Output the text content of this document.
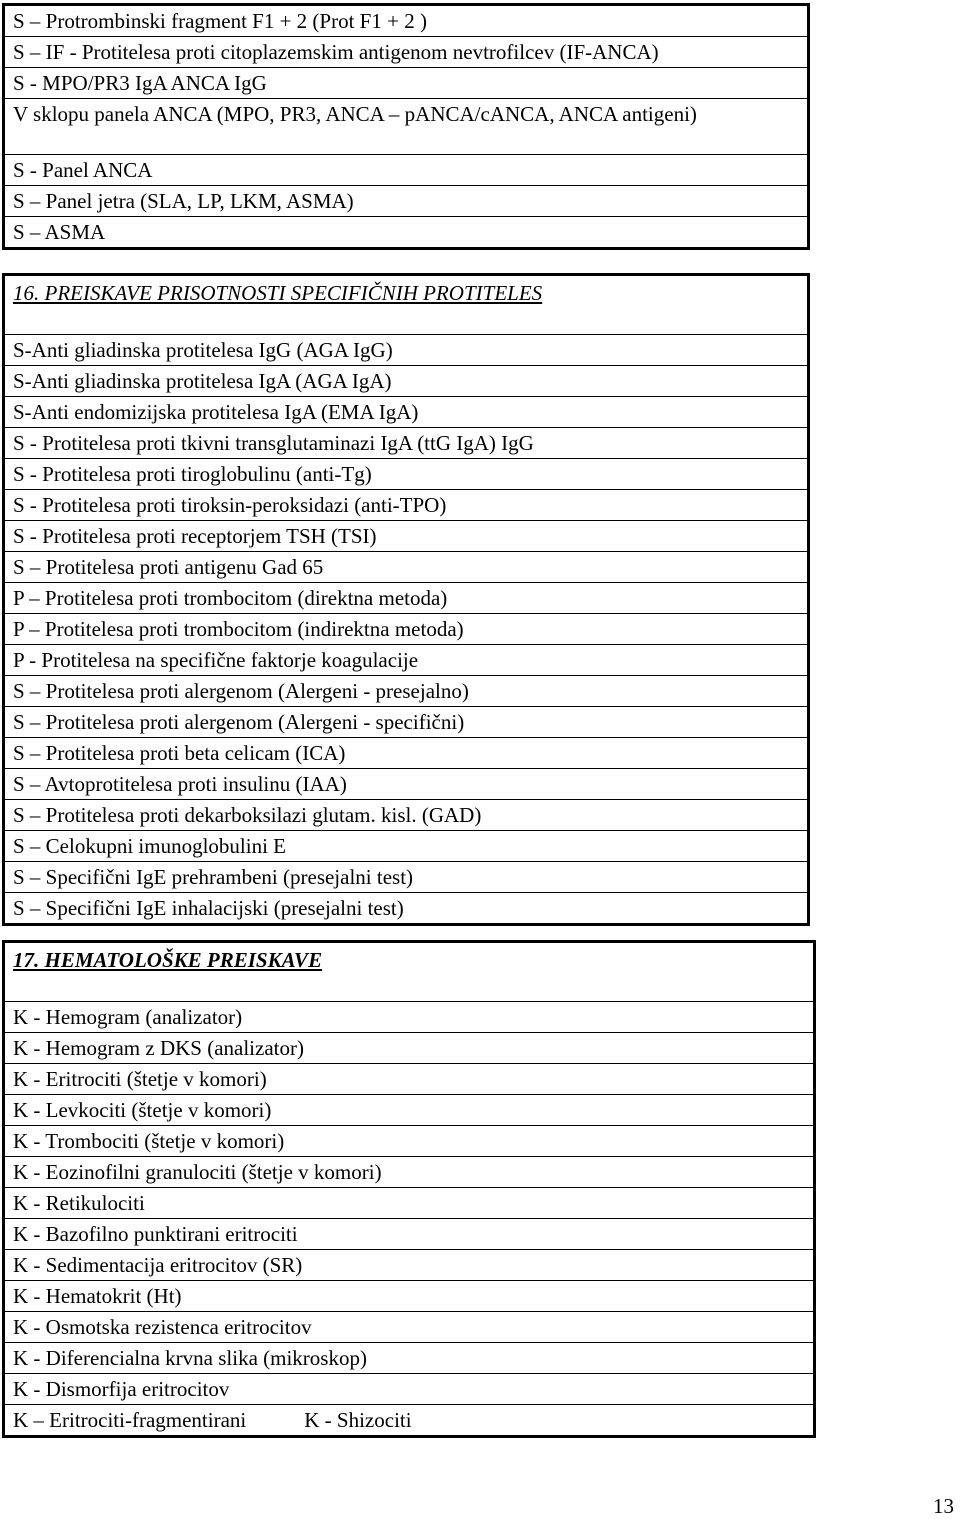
S – Protrombinski fragment F1 + 2 (Prot F1 + 2 )
S – IF - Protitelesa proti citoplazemskim antigenom nevtrofilcev (IF-ANCA)
S - MPO/PR3 IgA ANCA IgG
V sklopu panela ANCA (MPO, PR3, ANCA – pANCA/cANCA, ANCA antigeni)
S - Panel ANCA
S – Panel jetra (SLA, LP, LKM, ASMA)
S – ASMA
16. PREISKAVE PRISOTNOSTI SPECIFIČNIH PROTITELES
S-Anti gliadinska protitelesa IgG (AGA IgG)
S-Anti gliadinska protitelesa IgA (AGA IgA)
S-Anti endomizijska protitelesa IgA (EMA IgA)
S - Protitelesa proti tkivni transglutaminazi IgA (ttG IgA) IgG
S - Protitelesa proti tiroglobulinu (anti-Tg)
S - Protitelesa proti tiroksin-peroksidazi (anti-TPO)
S - Protitelesa proti receptorjem TSH (TSI)
S – Protitelesa proti antigenu Gad 65
P – Protitelesa proti trombocitom (direktna metoda)
P – Protitelesa proti trombocitom (indirektna metoda)
P - Protitelesa na specifične faktorje koagulacije
S – Protitelesa proti alergenom (Alergeni - presejalno)
S – Protitelesa proti alergenom (Alergeni - specifični)
S – Protitelesa proti beta celicam (ICA)
S – Avtoprotitelesa proti insulinu (IAA)
S – Protitelesa proti dekarboksilazi glutam. kisl. (GAD)
S – Celokupni imunoglobulini E
S – Specifični IgE prehrambeni (presejalni test)
S – Specifični IgE inhalacijski (presejalni test)
17. HEMATOLOŠKE PREISKAVE
K - Hemogram (analizator)
K - Hemogram z DKS (analizator)
K - Eritrociti (štetje v komori)
K - Levkociti (štetje v komori)
K - Trombociti (štetje v komori)
K - Eozinofilni granulociti (štetje v komori)
K - Retikulociti
K - Bazofilno punktirani eritrociti
K - Sedimentacija eritrocitov (SR)
K - Hematokrit (Ht)
K - Osmotska rezistenca eritrocitov
K - Diferencialna krvna slika (mikroskop)
K - Dismorfija eritrocitov
K – Eritrociti-fragmentirani	K - Shizociti
13
